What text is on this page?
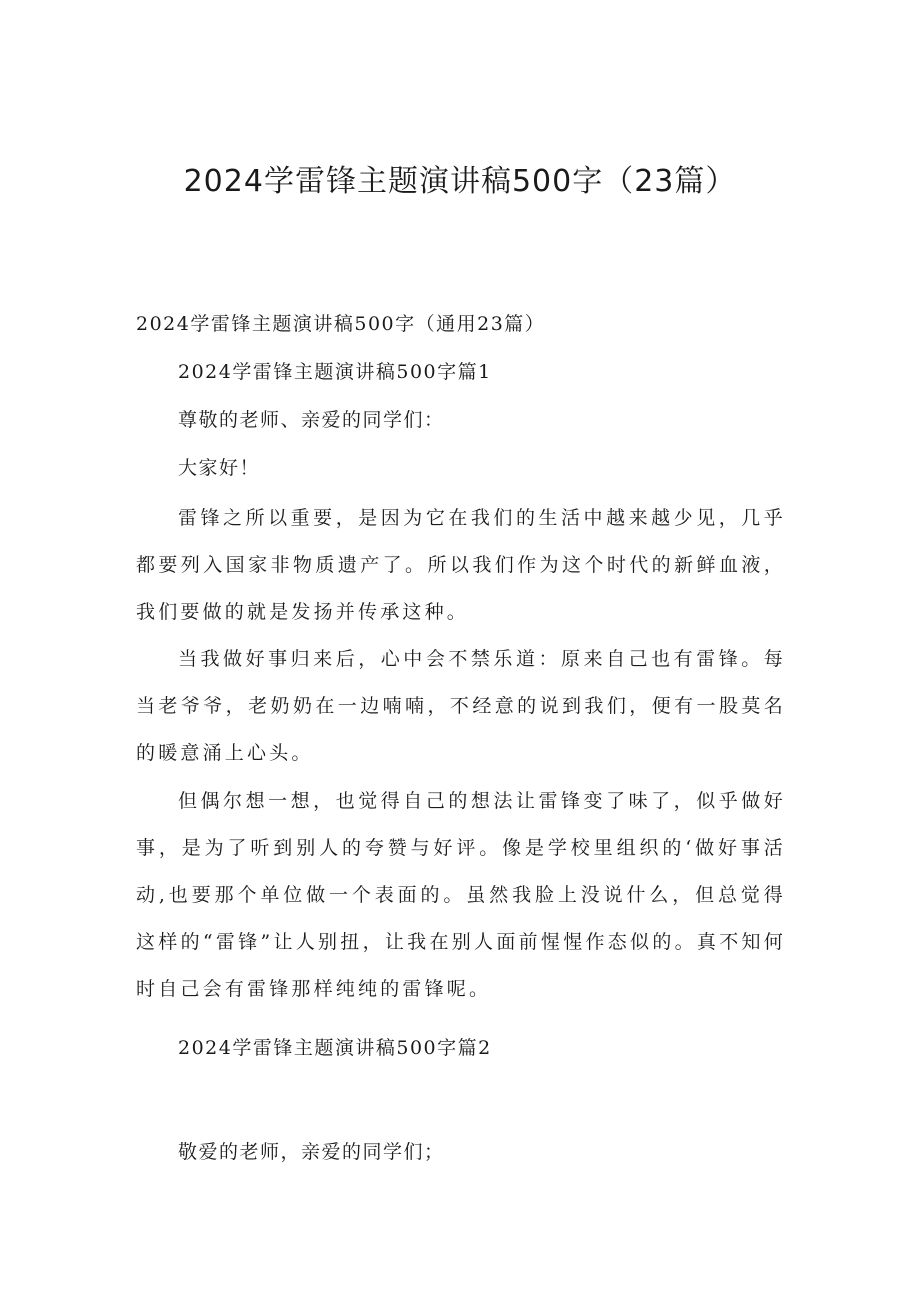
2024学雷锋主题演讲稿500字（23篇）
2024学雷锋主题演讲稿500字（通用23篇）
2024学雷锋主题演讲稿500字篇1
尊敬的老师、亲爱的同学们：
大家好！

雷锋之所以重要，是因为它在我们的生活中越来越少见，几乎都要列入国家非物质遗产了。所以我们作为这个时代的新鲜血液，我们要做的就是发扬并传承这种。

当我做好事归来后，心中会不禁乐道：原来自己也有雷锋。每当老爷爷，老奶奶在一边喃喃，不经意的说到我们，便有一股莫名的暖意涌上心头。

但偶尔想一想，也觉得自己的想法让雷锋变了味了，似乎做好事，是为了听到别人的夸赞与好评。像是学校里组织的‘做好事活动,也要那个单位做一个表面的。虽然我脸上没说什么，但总觉得这样的“雷锋”让人别扭，让我在别人面前惺惺作态似的。真不知何时自己会有雷锋那样纯纯的雷锋呢。

2024学雷锋主题演讲稿500字篇2
敬爱的老师，亲爱的同学们；
